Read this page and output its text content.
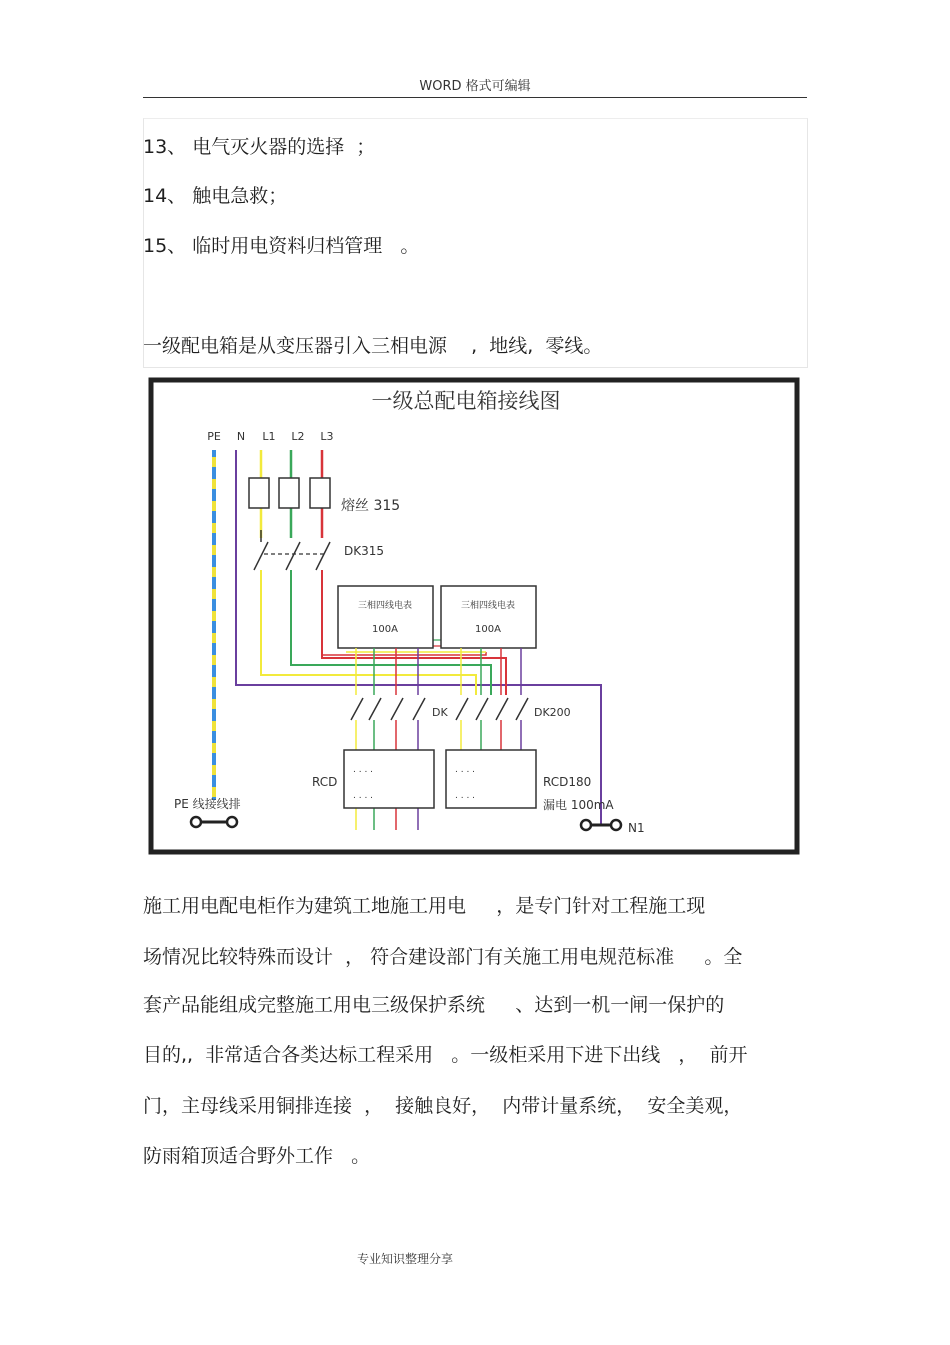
WORD 格式可编辑
13、 电气灭火器的选择  ；
14、 触电急救；
15、 临时用电资料归档管理   。
一级配电箱是从变压器引入三相电源    ,  地线,  零线。
一级总配电箱接线图
PE N L1 L2 L3
熔丝 315
DK315
三相四线电表
100A
三相四线电表
100A
DK	DK200
. . . .
. . . .
RCD
. . . .
. . . .
RCD180
漏电 100mA
PE 线接线排
N1
施工用电配电柜作为建筑工地施工用电     ，是专门针对工程施工现
场情况比较特殊而设计  ， 符合建设部门有关施工用电规范标准     。全
套产品能组成完整施工用电三级保护系统     、达到一机一闸一保护的
目的,,  非常适合各类达标工程采用   。一级柜采用下进下出线   ，  前开
门，主母线采用铜排连接  ，  接触良好，  内带计量系统，  安全美观，
防雨箱顶适合野外工作   。
专业知识整理分享
